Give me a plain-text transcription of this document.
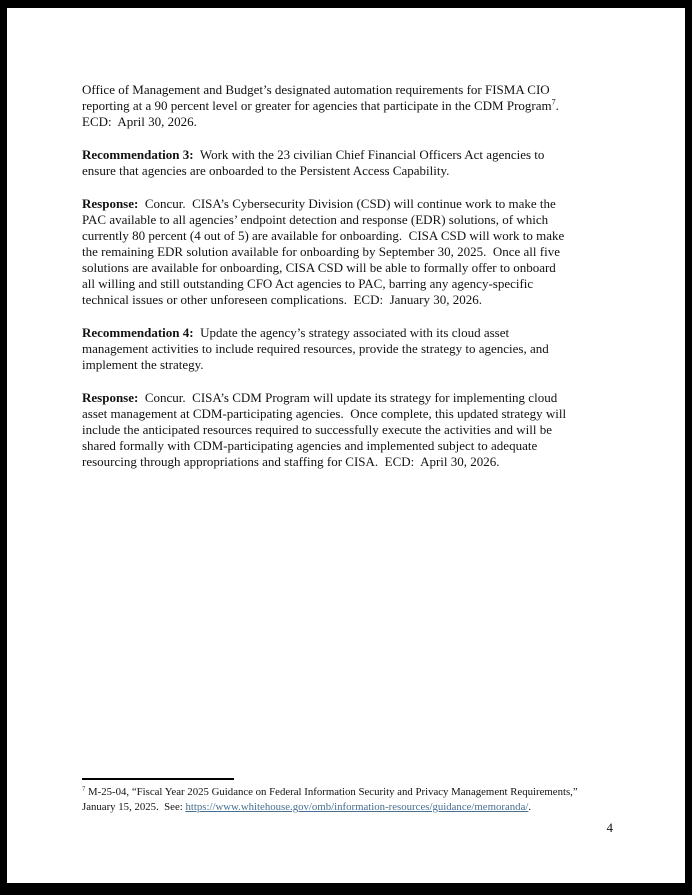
Office of Management and Budget’s designated automation requirements for FISMA CIO
reporting at a 90 percent level or greater for agencies that participate in the CDM Program$^7$.
ECD:  April 30, 2026.

Recommendation 3:  Work with the 23 civilian Chief Financial Officers Act agencies to
ensure that agencies are onboarded to the Persistent Access Capability.

Response:  Concur.  CISA’s Cybersecurity Division (CSD) will continue work to make the
PAC available to all agencies’ endpoint detection and response (EDR) solutions, of which
currently 80 percent (4 out of 5) are available for onboarding.  CISA CSD will work to make
the remaining EDR solution available for onboarding by September 30, 2025.  Once all five
solutions are available for onboarding, CISA CSD will be able to formally offer to onboard
all willing and still outstanding CFO Act agencies to PAC, barring any agency-specific
technical issues or other unforeseen complications.  ECD:  January 30, 2026.

Recommendation 4:  Update the agency’s strategy associated with its cloud asset
management activities to include required resources, provide the strategy to agencies, and
implement the strategy.

Response:  Concur.  CISA’s CDM Program will update its strategy for implementing cloud
asset management at CDM-participating agencies.  Once complete, this updated strategy will
include the anticipated resources required to successfully execute the activities and will be
shared formally with CDM-participating agencies and implemented subject to adequate
resourcing through appropriations and staffing for CISA.  ECD:  April 30, 2026.

$^7$ M-25-04, “Fiscal Year 2025 Guidance on Federal Information Security and Privacy Management Requirements,”
January 15, 2025.  See: https://www.whitehouse.gov/omb/information-resources/guidance/memoranda/.
4
